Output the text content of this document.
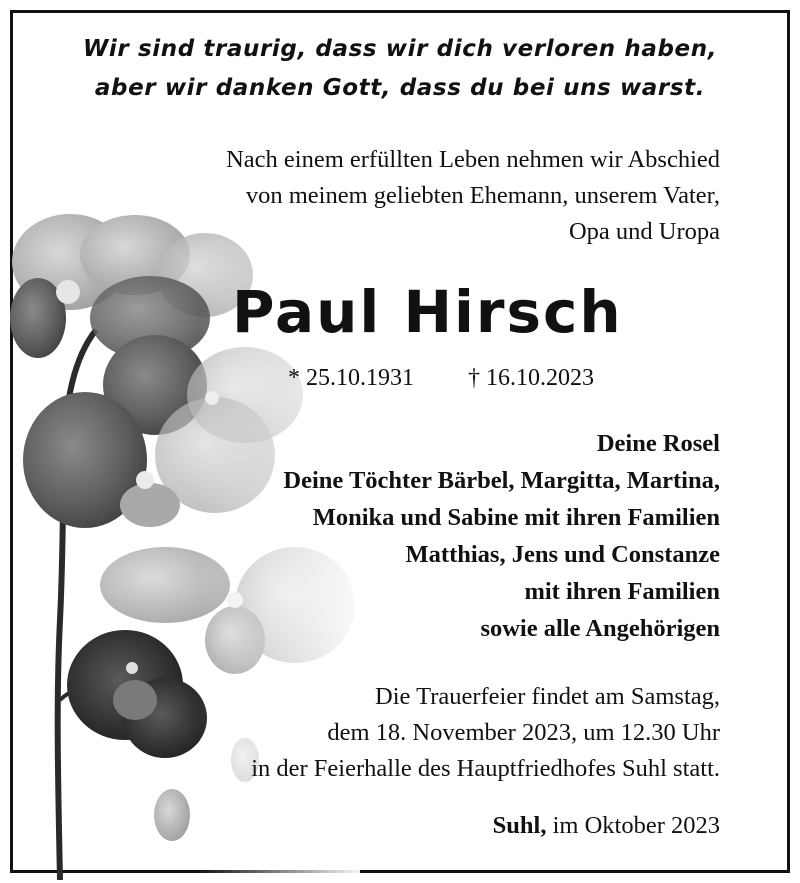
Wir sind traurig, dass wir dich verloren haben,
aber wir danken Gott, dass du bei uns warst.
Nach einem erfüllten Leben nehmen wir Abschied
von meinem geliebten Ehemann, unserem Vater,
Opa und Uropa
Paul Hirsch
* 25.10.1931 † 16.10.2023
Deine Rosel
Deine Töchter Bärbel, Margitta, Martina,
Monika und Sabine mit ihren Familien
Matthias, Jens und Constanze
mit ihren Familien
sowie alle Angehörigen
Die Trauerfeier findet am Samstag,
dem 18. November 2023, um 12.30 Uhr
in der Feierhalle des Hauptfriedhofes Suhl statt.
Suhl, im Oktober 2023
